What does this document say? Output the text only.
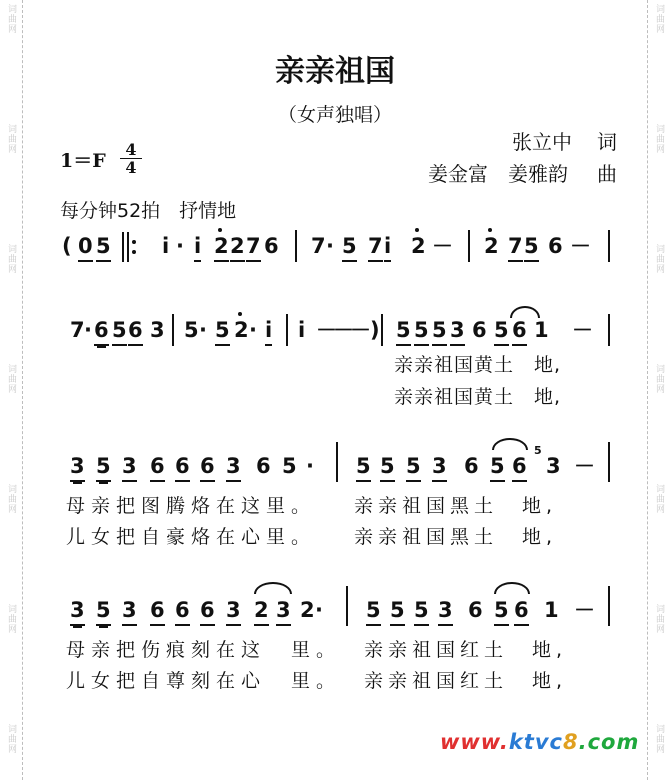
词曲网
词曲网
词曲网
词曲网
词曲网
词曲网
词曲网
词曲网
词曲网
词曲网
词曲网
词曲网
词曲网
词曲网
亲亲祖国
（女声独唱）
张立中 词
姜金富　姜雅韵 曲
1＝F
4
4
每分钟52拍　抒情地
( 0 5 i · i 2 2 7 6 7 · 5 7 i 2 － 2 7 5 6 －
7 · 6 5 6 3 5 · 5 2 · i i －
－
－ ) 5 5 5 3 6 5 6 1 －
亲亲祖国黄土　地,
亲亲祖国黄土　地,
3 5 3 6 6 6 3 6 5 · 5 5 5 3 6 5 6
5
3 －
母亲把图腾烙在这里。 亲亲祖国黑土　地,
儿女把自豪烙在心里。 亲亲祖国黑土　地,
3 5 3 6 6 6 3 2 3 2 · 5 5 5 3 6 5 6 1 －
母亲把伤痕刻在这　里。 亲亲祖国红土　地,
儿女把自尊刻在心　里。 亲亲祖国红土　地,
www.ktvc8.com
